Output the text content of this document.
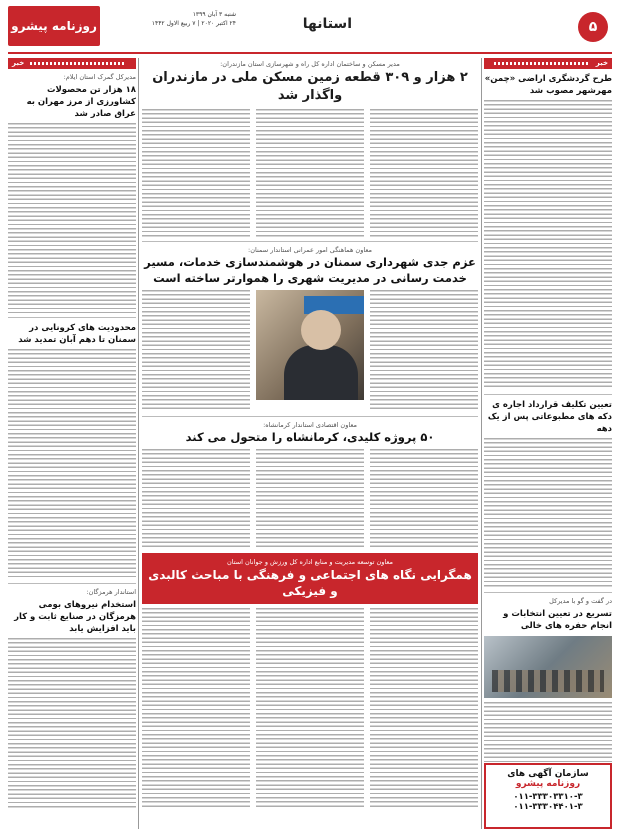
۵
استانها
روزنامه پیشرو
شنبه ۳ آبان ۱۳۹۹
۲۴ اکتبر ۲۰۲۰ | ۷ ربیع الاول ۱۴۴۲
خبر
طرح گردشگری اراضی «چمن» مهرشهر مصوب شد
تعیین تکلیف قرارداد اجاره ی دکه های مطبوعاتی پس از یک دهه
در گفت و گو با مدیرکل
تسریع در تعیین انتخابات و انجام حفره های خالی
سازمان آگهی های
روزنامه پیشرو
۰۱۱-۳۳۳۰۳۳۱۰-۳ ۰۱۱-۳۳۳۰۴۴۰۱-۳
مدیر مسکن و ساختمان اداره کل راه و شهرسازی استان مازندران:
۲ هزار و ۳۰۹ قطعه زمین مسکن ملی در مازندران واگذار شد
معاون هماهنگی امور عمرانی استاندار سمنان:
عزم جدی شهرداری سمنان در هوشمندسازی خدمات، مسیر خدمت رسانی در مدیریت شهری را هموارتر ساخته است
معاون اقتصادی استاندار کرمانشاه:
۵۰ پروژه کلیدی، کرمانشاه را متحول می کند
معاون توسعه مدیریت و منابع اداره کل ورزش و جوانان استان
همگرایی نگاه های اجتماعی و فرهنگی با مباحث کالبدی و فیزیکی
خبر
مدیرکل گمرک استان ایلام:
۱۸ هزار تن محصولات کشاورزی از مرز مهران به عراق صادر شد
محدودیت های کرونایی در سمنان تا دهم آبان تمدید شد
استاندار هرمزگان:
استخدام نیروهای بومی هرمزگان در صنایع ثابت و کار باید افزایش یابد
